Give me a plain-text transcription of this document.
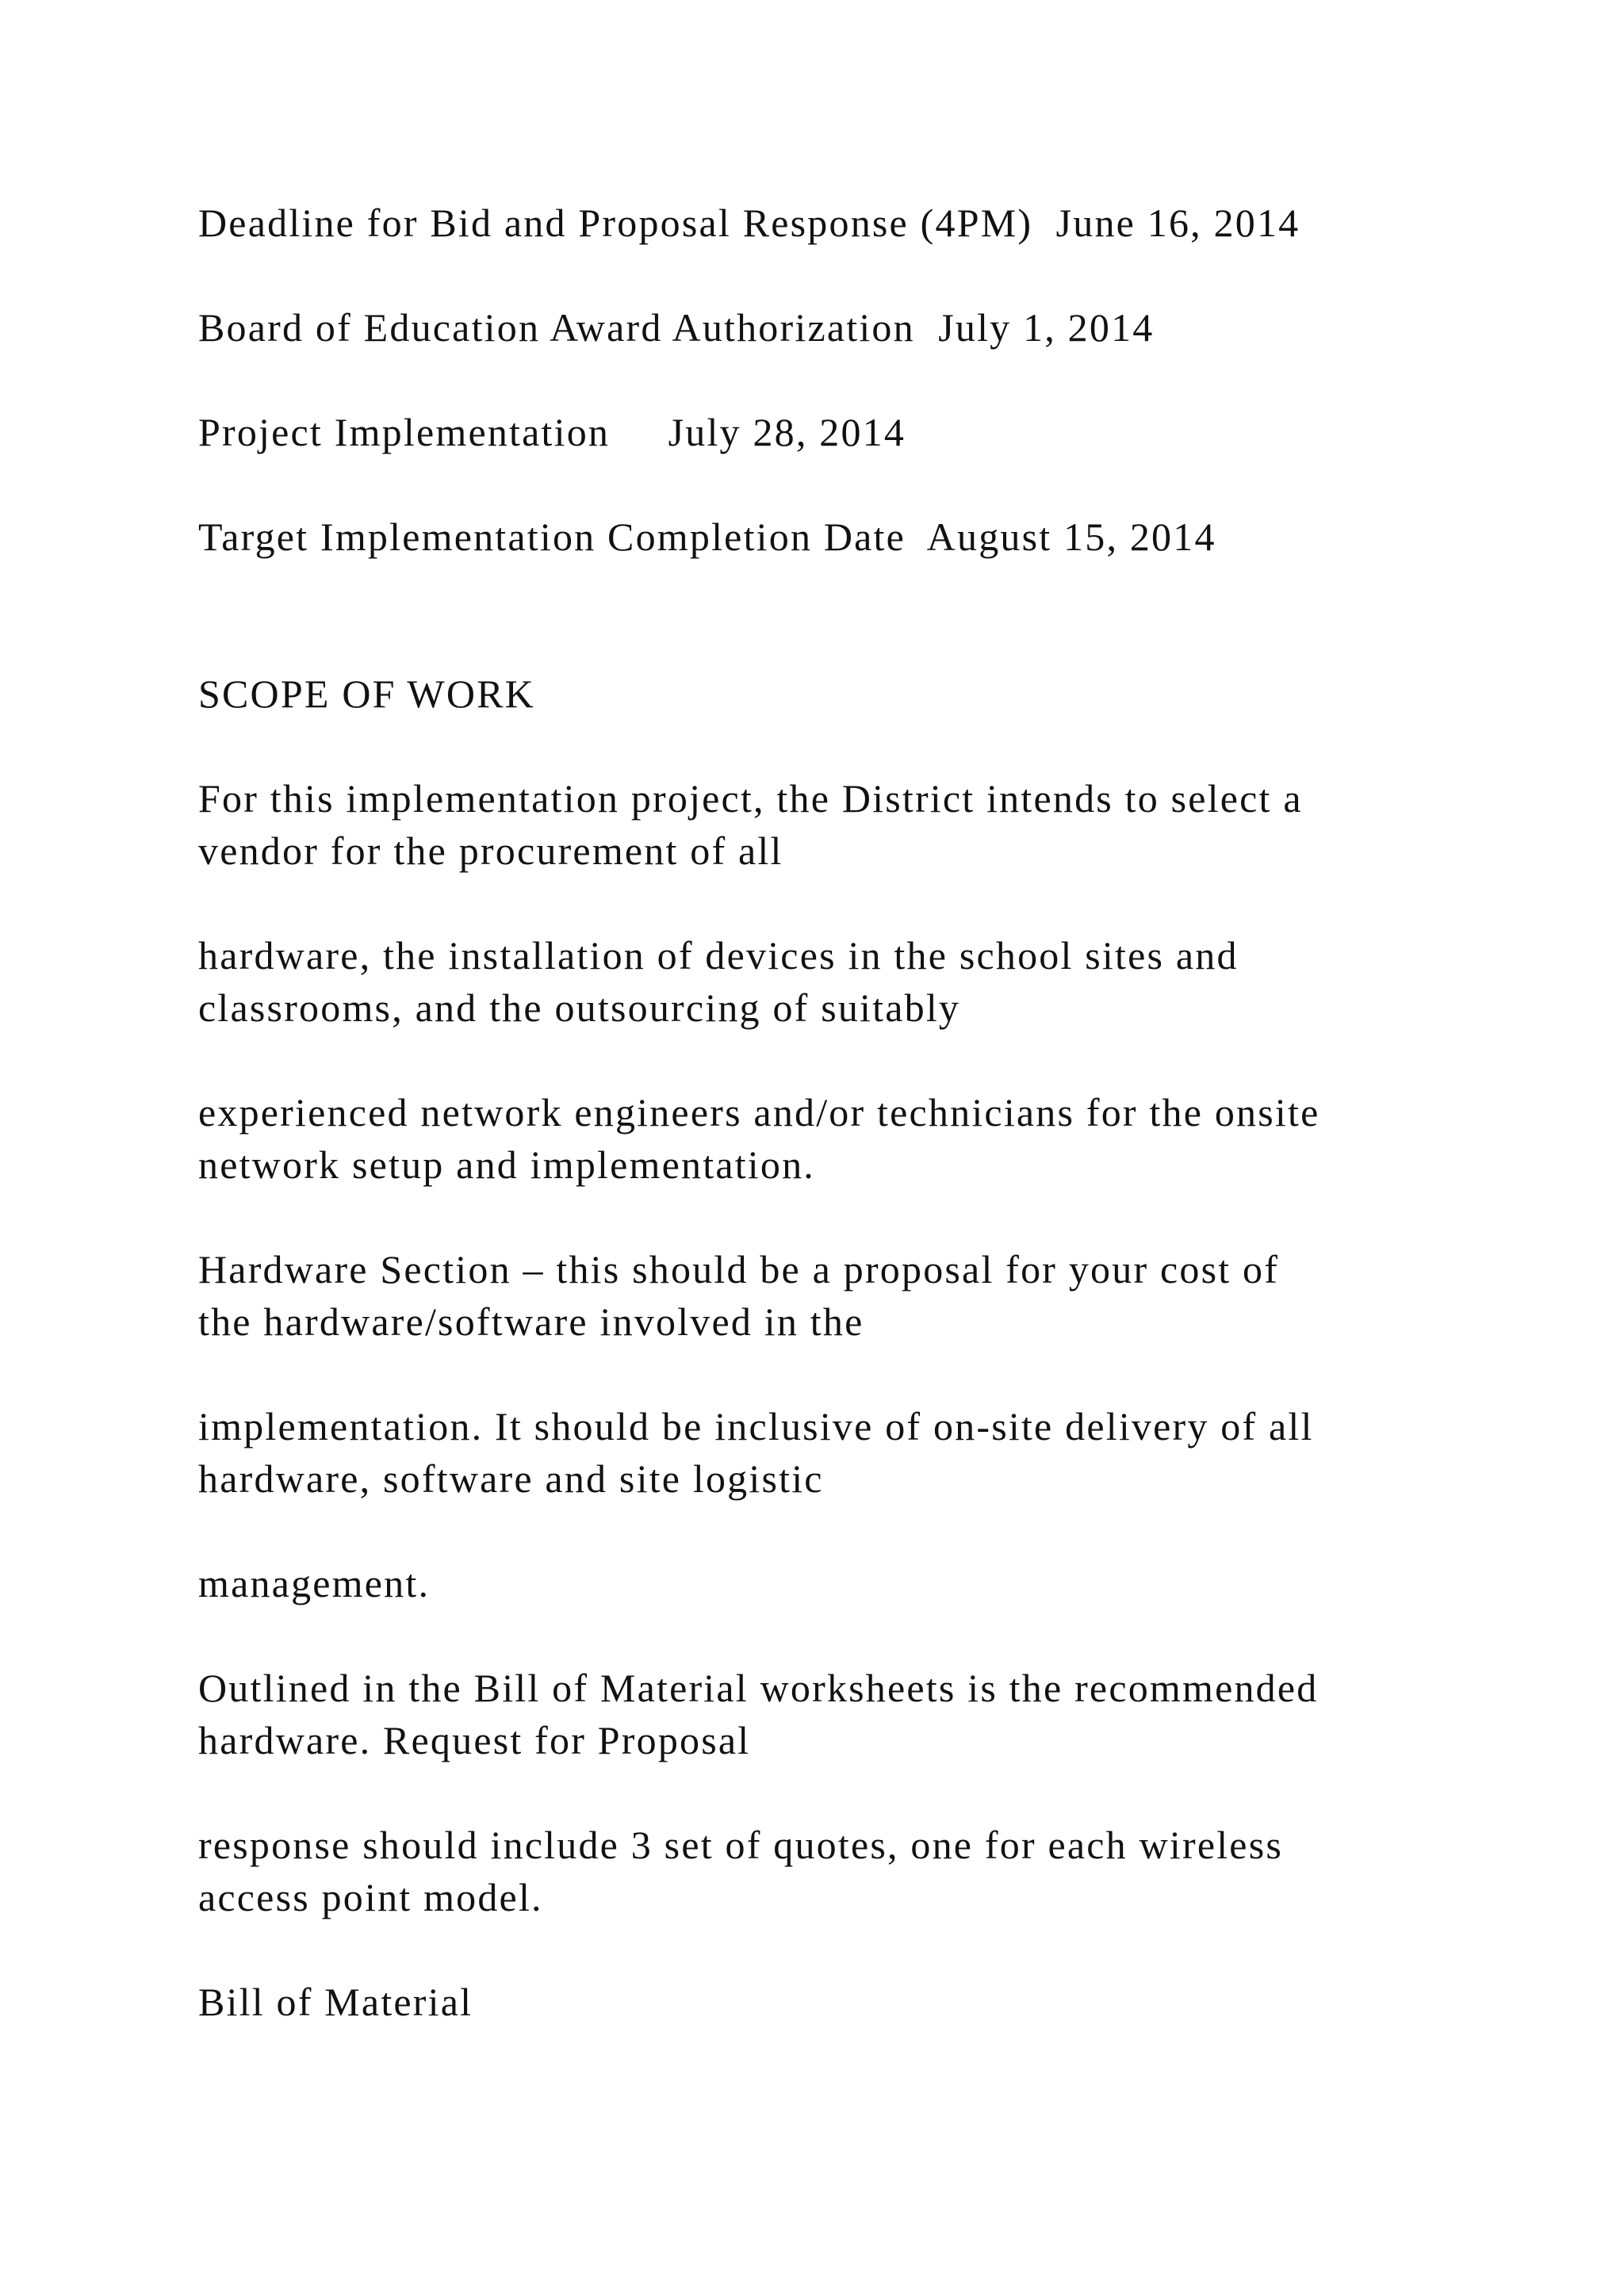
Deadline for Bid and Proposal Response (4PM)  June 16, 2014
Board of Education Award Authorization  July 1, 2014
Project Implementation     July 28, 2014
Target Implementation Completion Date  August 15, 2014
SCOPE OF WORK
For this implementation project, the District intends to select a
vendor for the procurement of all
hardware, the installation of devices in the school sites and
classrooms, and the outsourcing of suitably
experienced network engineers and/or technicians for the onsite
network setup and implementation.
Hardware Section – this should be a proposal for your cost of
the hardware/software involved in the
implementation. It should be inclusive of on-site delivery of all
hardware, software and site logistic
management.
Outlined in the Bill of Material worksheets is the recommended
hardware. Request for Proposal
response should include 3 set of quotes, one for each wireless
access point model.
Bill of Material
